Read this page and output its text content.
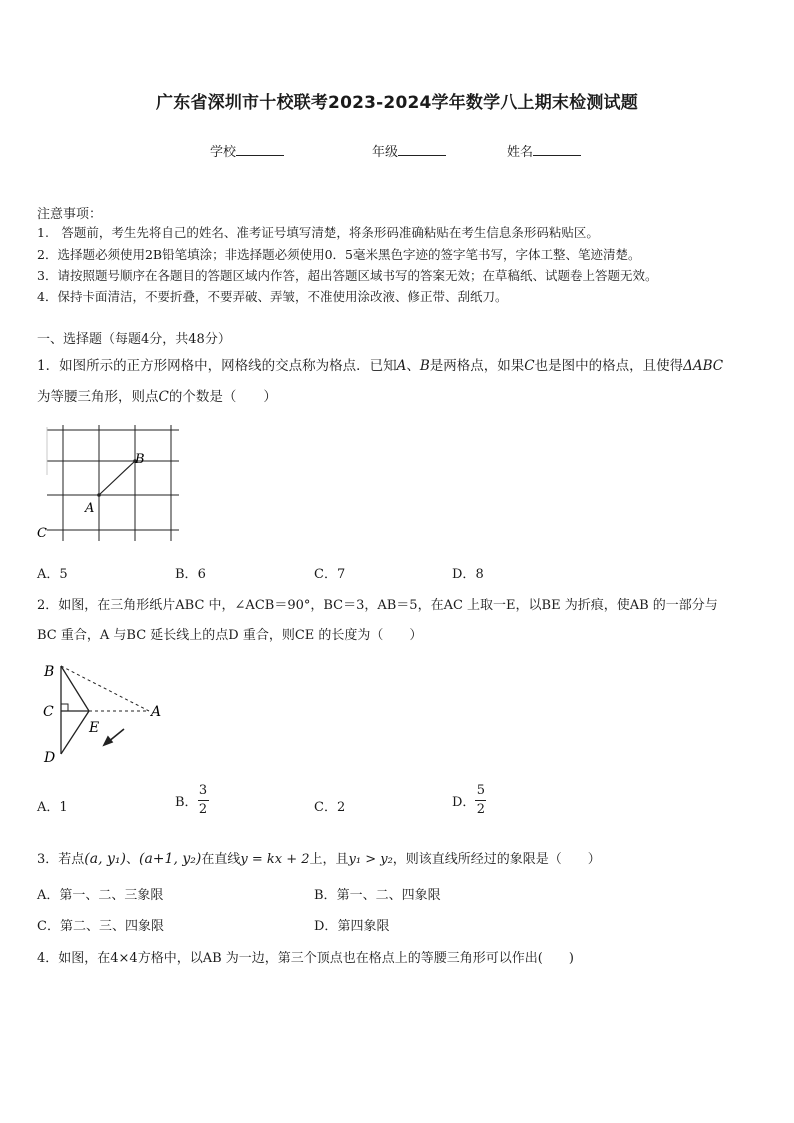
广东省深圳市十校联考2023-2024学年数学八上期末检测试题
学校	年级	姓名
注意事项：
1.　答题前，考生先将自己的姓名、准考证号填写清楚，将条形码准确粘贴在考生信息条形码粘贴区。
2．选择题必须使用2B铅笔填涂；非选择题必须使用0．5毫米黑色字迹的签字笔书写，字体工整、笔迹清楚。
3．请按照题号顺序在各题目的答题区域内作答，超出答题区域书写的答案无效；在草稿纸、试题卷上答题无效。
4．保持卡面清洁，不要折叠，不要弄破、弄皱，不准使用涂改液、修正带、刮纸刀。
一、选择题（每题4分，共48分）
1．如图所示的正方形网格中，网格线的交点称为格点．已知A、B是两格点，如果C也是图中的格点，且使得ΔABC
为等腰三角形，则点C的个数是（　　）
A
B
C
A．5	B．6	C．7	D．8
2．如图，在三角形纸片ABC 中，∠ACB＝90°，BC＝3，AB＝5，在AC 上取一E，以BE 为折痕，使AB 的一部分与
BC 重合，A 与BC 延长线上的点D 重合，则CE 的长度为（　　）
B
C
E
A
D
A．1	B． $\frac{3}{2}$	C．2	D． $\frac{5}{2}$
3．若点(a, y₁)、(a+1, y₂)在直线y = kx + 2上，且y₁ > y₂，则该直线所经过的象限是（　　）
A．第一、二、三象限	B．第一、二、四象限
C．第二、三、四象限	D．第四象限
4．如图，在4×4方格中，以AB 为一边，第三个顶点也在格点上的等腰三角形可以作出(　　)
